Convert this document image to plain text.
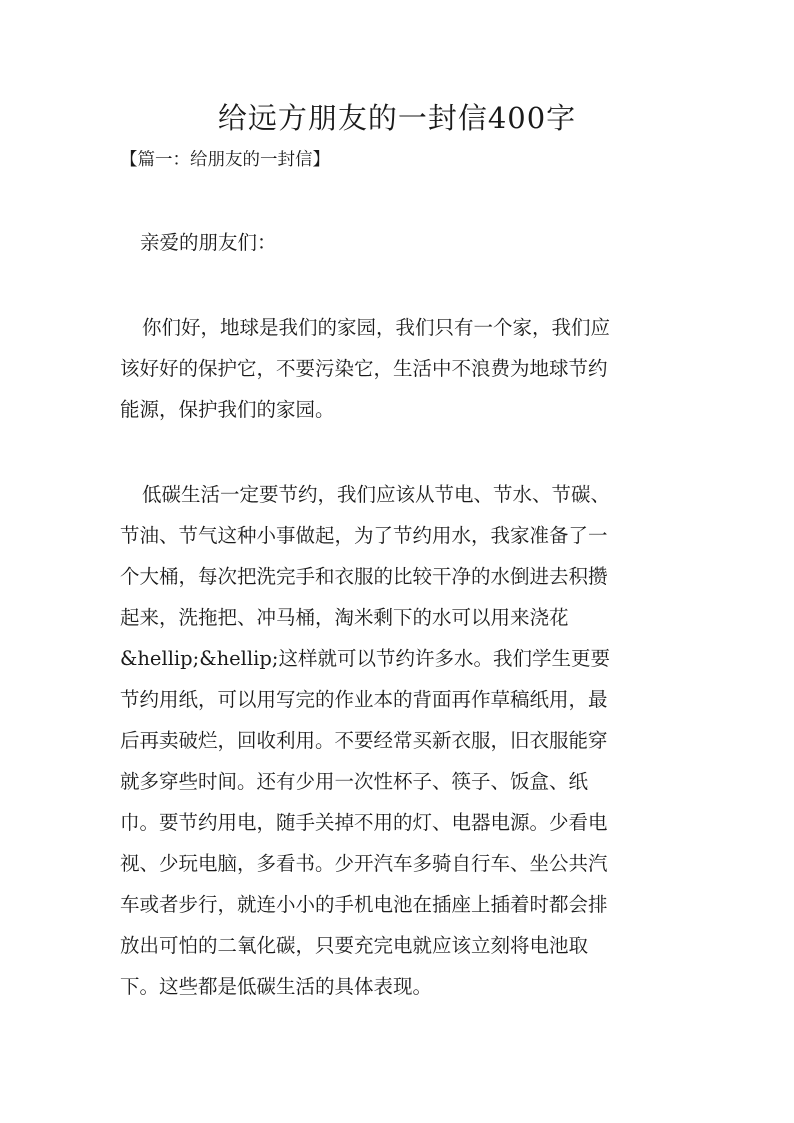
给远方朋友的一封信400字

【篇一：给朋友的一封信】

亲爱的朋友们：

你们好，地球是我们的家园，我们只有一个家，我们应
该好好的保护它，不要污染它，生活中不浪费为地球节约
能源，保护我们的家园。
低碳生活一定要节约，我们应该从节电、节水、节碳、
节油、节气这种小事做起，为了节约用水，我家准备了一
个大桶，每次把洗完手和衣服的比较干净的水倒进去积攒
起来，洗拖把、冲马桶，淘米剩下的水可以用来浇花
&hellip;&hellip;这样就可以节约许多水。我们学生更要
节约用纸，可以用写完的作业本的背面再作草稿纸用，最
后再卖破烂，回收利用。不要经常买新衣服，旧衣服能穿
就多穿些时间。还有少用一次性杯子、筷子、饭盒、纸
巾。要节约用电，随手关掉不用的灯、电器电源。少看电
视、少玩电脑，多看书。少开汽车多骑自行车、坐公共汽
车或者步行，就连小小的手机电池在插座上插着时都会排
放出可怕的二氧化碳，只要充完电就应该立刻将电池取
下。这些都是低碳生活的具体表现。
